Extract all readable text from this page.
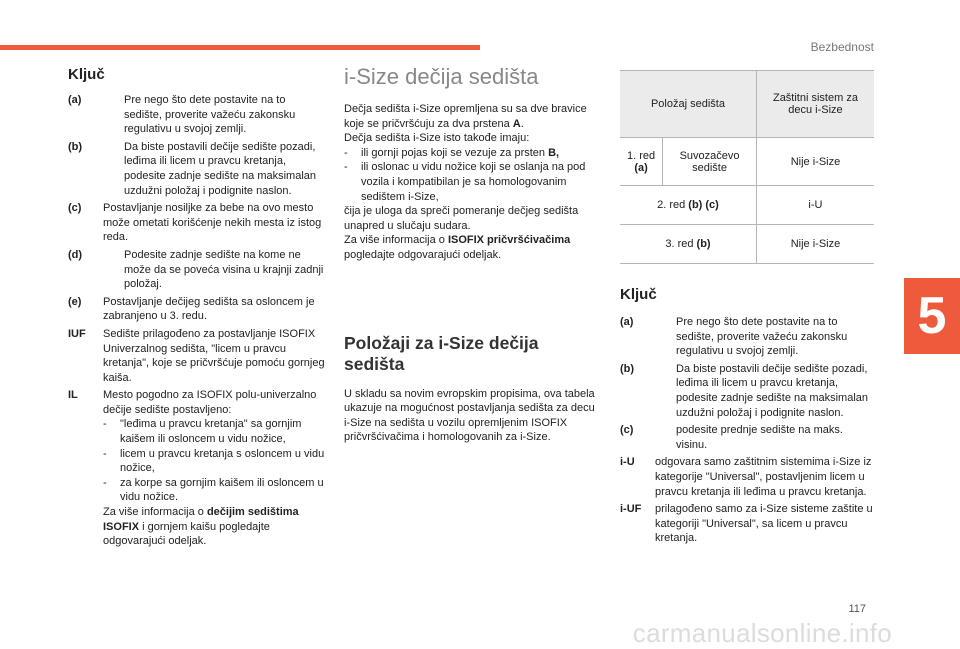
Bezbednost
5
117
carmanualsonline.info
Ključ
(a)	Pre nego što dete postavite na to sedište, proverite važeću zakonsku regulativu u svojoj zemlji.
(b)	Da biste postavili dečije sedište pozadi, leđima ili licem u pravcu kretanja, podesite zadnje sedište na maksimalan uzdužni položaj i podignite naslon.
(c)	Postavljanje nosiljke za bebe na ovo mesto može ometati korišćenje nekih mesta iz istog reda.
(d)	Podesite zadnje sedište na kome ne može da se poveća visina u krajnji zadnji položaj.
(e)	Postavljanje dečijeg sedišta sa osloncem je zabranjeno u 3. redu.
IUF	Sedište prilagođeno za postavljanje ISOFIX Univerzalnog sedišta, "licem u pravcu kretanja", koje se pričvršćuje pomoću gornjeg kaiša.
IL	Mesto pogodno za ISOFIX polu-univerzalno dečije sedište postavljeno:
-	"leđima u pravcu kretanja" sa gornjim kaišem ili osloncem u vidu nožice,
-	licem u pravcu kretanja s osloncem u vidu nožice,
-	za korpe sa gornjim kaišem ili osloncem u vidu nožice.
Za više informacija o dečijim sedištima ISOFIX i gornjem kaišu pogledajte odgovarajući odeljak.
i-Size dečija sedišta
Dečja sedišta i-Size opremljena su sa dve bravice koje se pričvršćuju za dva prstena A.
Dečja sedišta i-Size isto takođe imaju:
-	ili gornji pojas koji se vezuje za prsten B,
-	ili oslonac u vidu nožice koji se oslanja na pod vozila i kompatibilan je sa homologovanim sedištem i-Size,
čija je uloga da spreči pomeranje dečjeg sedišta unapred u slučaju sudara.
Za više informacija o ISOFIX pričvršćivačima pogledajte odgovarajući odeljak.
Položaji za i-Size dečija sedišta
U skladu sa novim evropskim propisima, ova tabela ukazuje na mogućnost postavljanja sedišta za decu i-Size na sedišta u vozilu opremljenim ISOFIX pričvršćivačima i homologovanih za i-Size.
Položaj sedišta		Zaštitni sistem za decu i-Size
1. red (a)	Suvozačevo sedište	Nije i-Size
2. red (b) (c)		i-U
3. red (b)		Nije i-Size
Ključ
(a)	Pre nego što dete postavite na to sedište, proverite važeću zakonsku regulativu u svojoj zemlji.
(b)	Da biste postavili dečije sedište pozadi, leđima ili licem u pravcu kretanja, podesite zadnje sedište na maksimalan uzdužni položaj i podignite naslon.
(c)	podesite prednje sedište na maks. visinu.
i-U	odgovara samo zaštitnim sistemima i-Size iz kategorije "Universal", postavljenim licem u pravcu kretanja ili leđima u pravcu kretanja.
i-UF	prilagođeno samo za i-Size sisteme zaštite u kategoriji "Universal", sa licem u pravcu kretanja.
